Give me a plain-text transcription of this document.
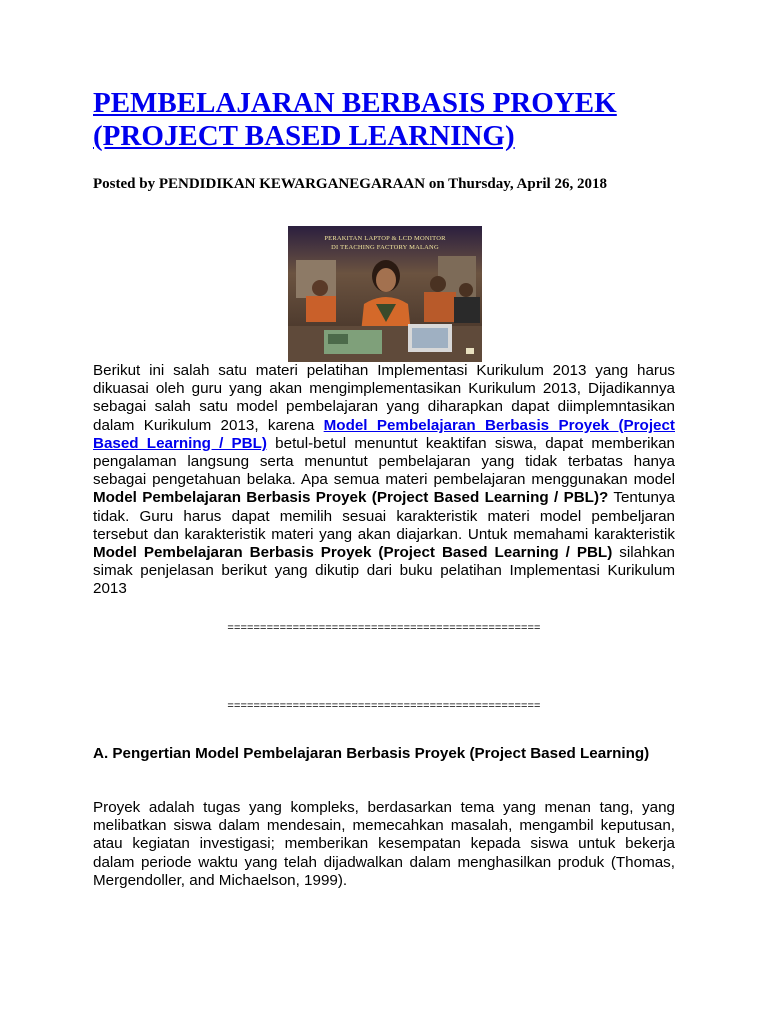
PEMBELAJARAN BERBASIS PROYEK (PROJECT BASED LEARNING)
Posted by PENDIDIKAN KEWARGANEGARAAN on Thursday, April 26, 2018
PERAKITAN LAPTOP & LCD MONITOR
DI TEACHING FACTORY MALANG
Berikut ini salah satu materi pelatihan Implementasi Kurikulum 2013 yang harus dikuasai oleh guru yang akan mengimplementasikan Kurikulum 2013, Dijadikannya sebagai salah satu model pembelajaran yang diharapkan dapat diimplemntasikan dalam Kurikulum 2013, karena Model Pembelajaran Berbasis Proyek (Project Based Learning / PBL) betul-betul menuntut keaktifan siswa, dapat memberikan pengalaman langsung serta menuntut pembelajaran yang tidak terbatas hanya sebagai pengetahuan belaka. Apa semua materi pembelajaran menggunakan model Model Pembelajaran Berbasis Proyek (Project Based Learning / PBL)? Tentunya tidak. Guru harus dapat memilih sesuai karakteristik materi model pembeljaran tersebut dan karakteristik materi yang akan diajarkan. Untuk memahami karakteristik Model Pembelajaran Berbasis Proyek (Project Based Learning / PBL) silahkan simak penjelasan berikut yang dikutip dari buku pelatihan Implementasi Kurikulum 2013
================================================
================================================
A. Pengertian Model Pembelajaran Berbasis Proyek (Project Based Learning)
Proyek adalah tugas yang kompleks, berdasarkan tema yang menan tang, yang melibatkan siswa dalam mendesain, memecahkan masalah, mengambil keputusan, atau kegiatan investigasi; memberikan kesempatan kepada siswa untuk bekerja dalam periode waktu yang telah dijadwalkan dalam menghasilkan produk (Thomas, Mergendoller, and Michaelson, 1999).
